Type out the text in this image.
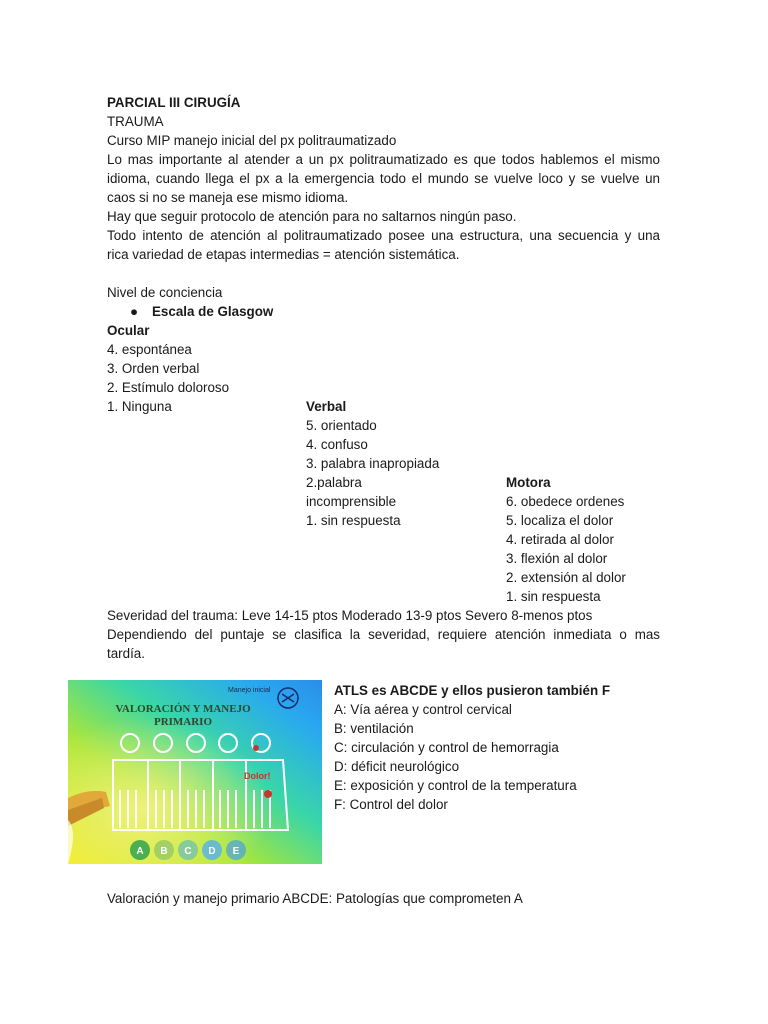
PARCIAL III CIRUGÍA
TRAUMA
Curso MIP manejo inicial del px politraumatizado
Lo mas importante al atender a un px politraumatizado es que todos hablemos el mismo
idioma, cuando llega el px a la emergencia todo el mundo se vuelve loco y se vuelve un
caos si no se maneja ese mismo idioma.
Hay que seguir protocolo de atención para no saltarnos ningún paso.
Todo intento de atención al politraumatizado posee una estructura, una secuencia y una
rica variedad de etapas intermedias = atención sistemática.
Nivel de conciencia
● Escala de Glasgow
Ocular
4. espontánea
3. Orden verbal
2. Estímulo doloroso
1. Ninguna	Verbal
5. orientado
4. confuso
3. palabra inapropiada
2.palabra
incomprensible
1. sin respuesta
Motora
6. obedece ordenes
5. localiza el dolor
4. retirada al dolor
3. flexión al dolor
2. extensión al dolor
1. sin respuesta
Severidad del trauma: Leve 14-15 ptos Moderado 13-9 ptos Severo 8-menos ptos
Dependiendo del puntaje se clasifica la severidad, requiere atención inmediata o mas
tardía.
VALORACIÓN Y MANEJO
PRIMARIO
Manejo inicial
Dolor!
A B C D E
ATLS es ABCDE y ellos pusieron también F
A: Vía aérea y control cervical
B: ventilación
C: circulación y control de hemorragia
D: déficit neurológico
E: exposición y control de la temperatura
F: Control del dolor
Valoración y manejo primario ABCDE: Patologías que comprometen A
